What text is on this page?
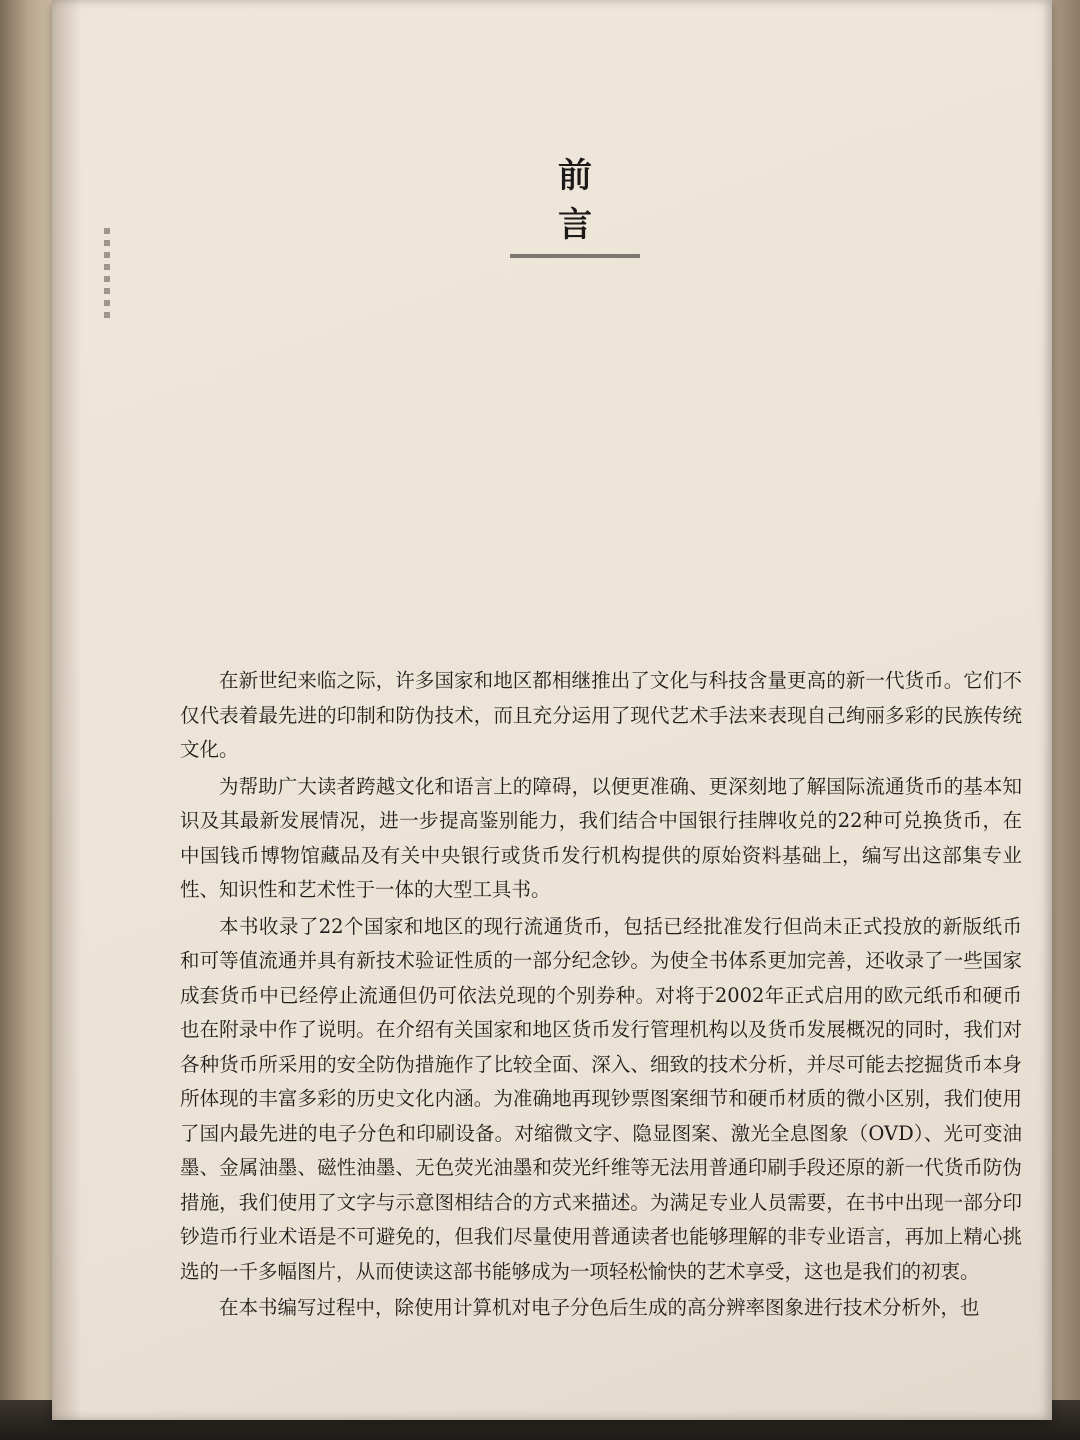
前　言

在新世纪来临之际，许多国家和地区都相继推出了文化与科技含量更高的新一代货币。它们不仅代表着最先进的印制和防伪技术，而且充分运用了现代艺术手法来表现自己绚丽多彩的民族传统文化。

为帮助广大读者跨越文化和语言上的障碍，以便更准确、更深刻地了解国际流通货币的基本知识及其最新发展情况，进一步提高鉴别能力，我们结合中国银行挂牌收兑的22种可兑换货币，在中国钱币博物馆藏品及有关中央银行或货币发行机构提供的原始资料基础上，编写出这部集专业性、知识性和艺术性于一体的大型工具书。

本书收录了22个国家和地区的现行流通货币，包括已经批准发行但尚未正式投放的新版纸币和可等值流通并具有新技术验证性质的一部分纪念钞。为使全书体系更加完善，还收录了一些国家成套货币中已经停止流通但仍可依法兑现的个别券种。对将于2002年正式启用的欧元纸币和硬币也在附录中作了说明。在介绍有关国家和地区货币发行管理机构以及货币发展概况的同时，我们对各种货币所采用的安全防伪措施作了比较全面、深入、细致的技术分析，并尽可能去挖掘货币本身所体现的丰富多彩的历史文化内涵。为准确地再现钞票图案细节和硬币材质的微小区别，我们使用了国内最先进的电子分色和印刷设备。对缩微文字、隐显图案、激光全息图象（OVD）、光可变油墨、金属油墨、磁性油墨、无色荧光油墨和荧光纤维等无法用普通印刷手段还原的新一代货币防伪措施，我们使用了文字与示意图相结合的方式来描述。为满足专业人员需要，在书中出现一部分印钞造币行业术语是不可避免的，但我们尽量使用普通读者也能够理解的非专业语言，再加上精心挑选的一千多幅图片，从而使读这部书能够成为一项轻松愉快的艺术享受，这也是我们的初衷。

在本书编写过程中，除使用计算机对电子分色后生成的高分辨率图象进行技术分析外，也
